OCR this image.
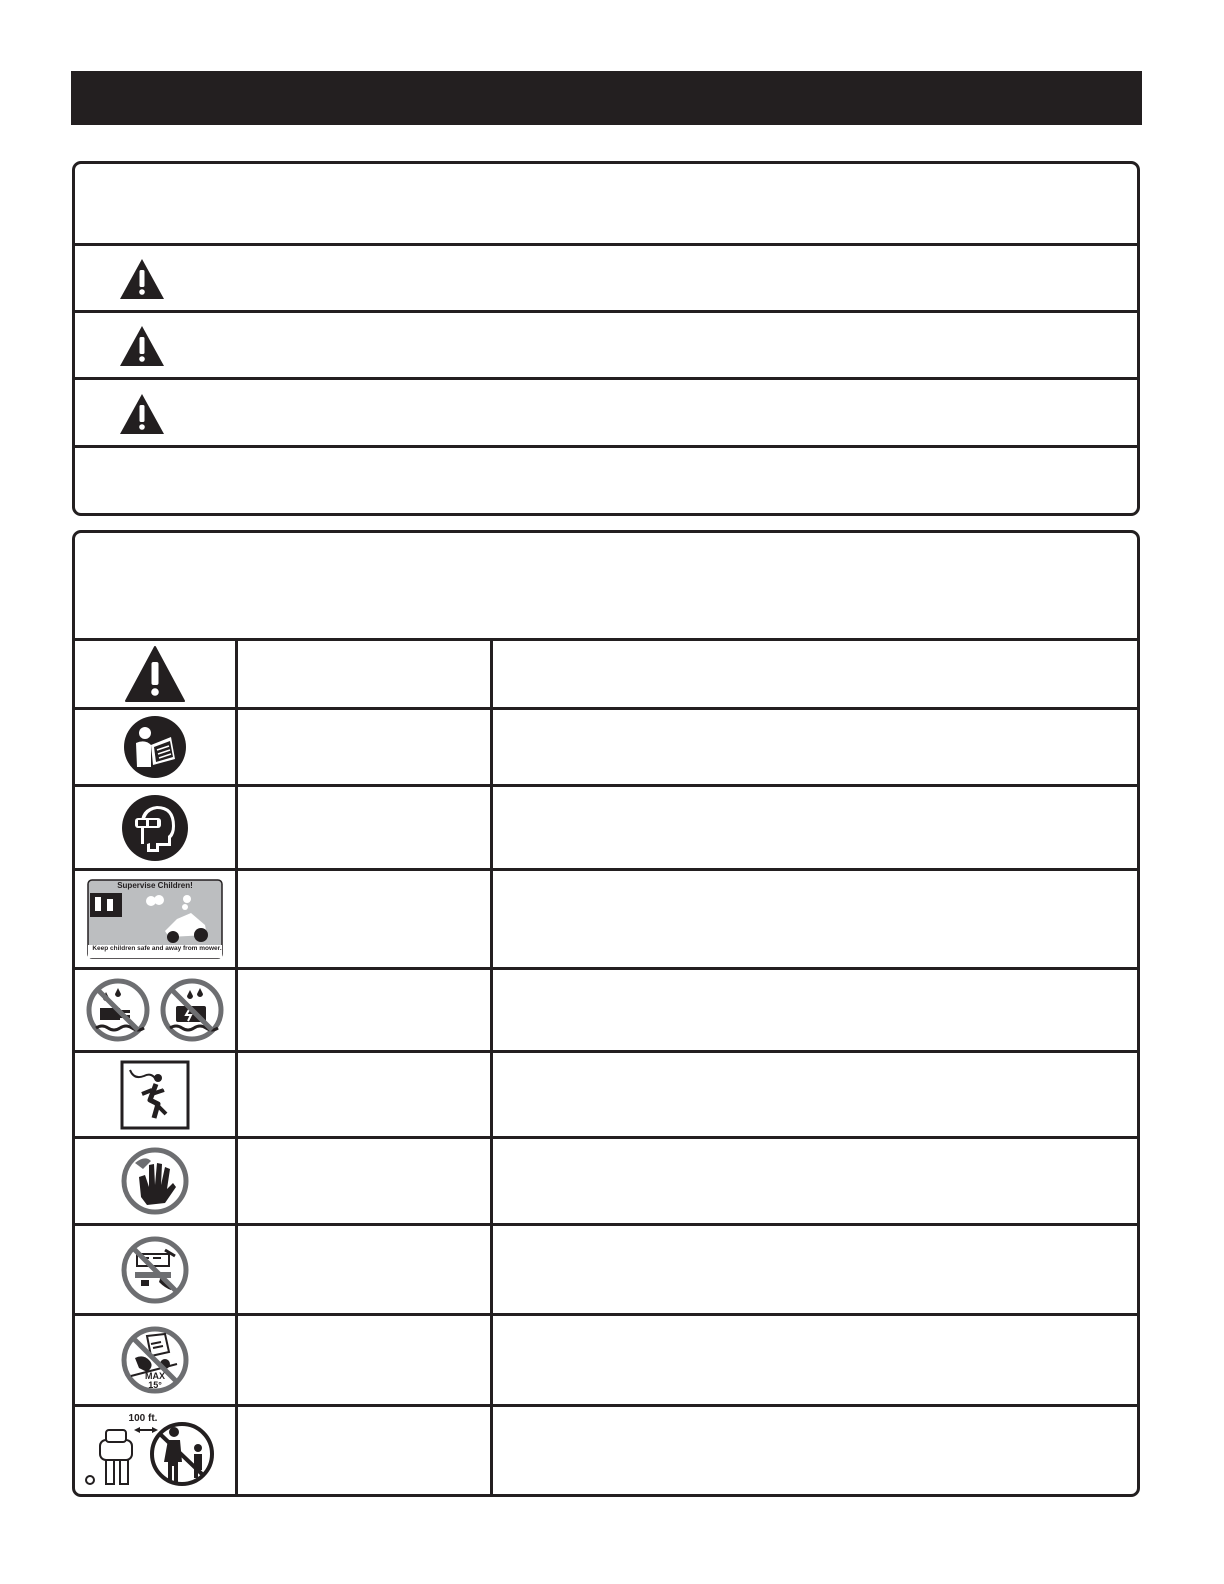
Supervise Children!
Keep children safe and away from mower.
MAX
15°
100 ft.
